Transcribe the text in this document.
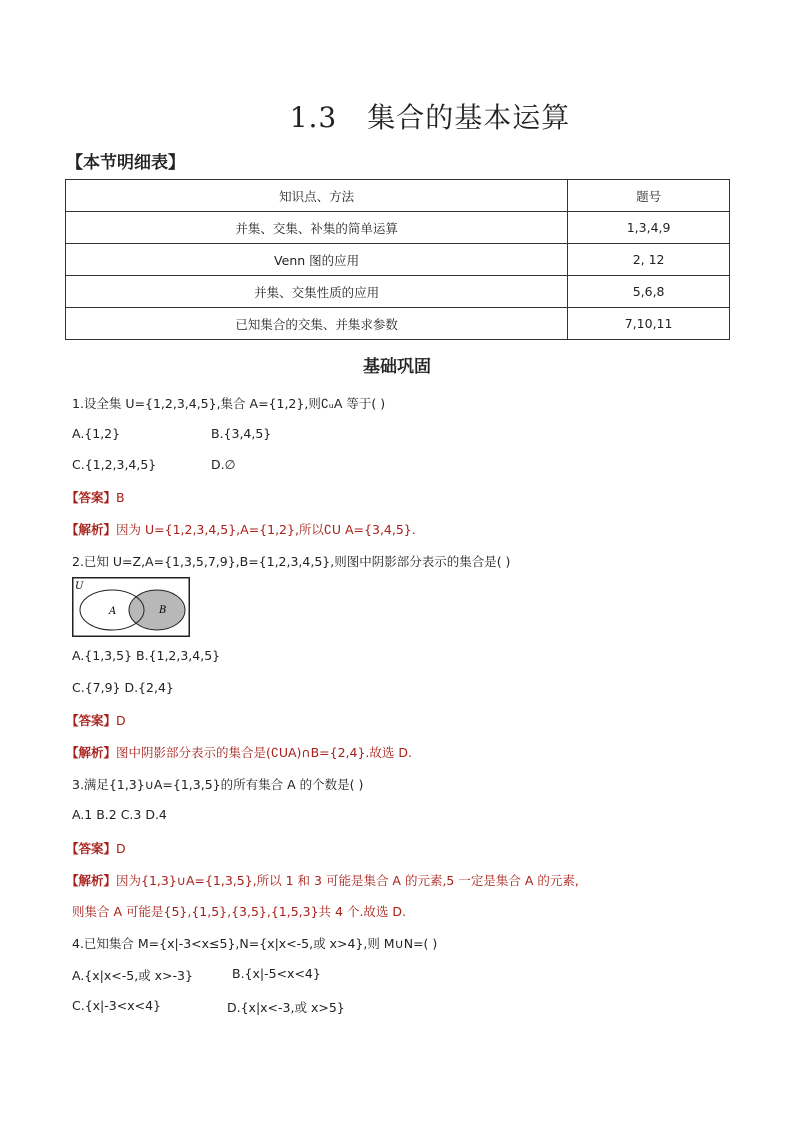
1.3 集合的基本运算
【本节明细表】
知识点、方法	题号
并集、交集、补集的简单运算	1,3,4,9
Venn 图的应用	2, 12
并集、交集性质的应用	5,6,8
已知集合的交集、并集求参数	7,10,11
基础巩固
1.设全集 U={1,2,3,4,5},集合 A={1,2},则∁ᵤA 等于( )
A.{1,2}	B.{3,4,5}
C.{1,2,3,4,5}	D.∅
【答案】B
【解析】因为 U={1,2,3,4,5},A={1,2},所以∁U A={3,4,5}.
2.已知 U=Z,A={1,3,5,7,9},B={1,2,3,4,5},则图中阴影部分表示的集合是( )
U
A	B
A.{1,3,5} B.{1,2,3,4,5}
C.{7,9} D.{2,4}
【答案】D
【解析】图中阴影部分表示的集合是(∁UA)∩B={2,4}.故选 D.
3.满足{1,3}∪A={1,3,5}的所有集合 A 的个数是( )
A.1 B.2 C.3 D.4
【答案】D
【解析】因为{1,3}∪A={1,3,5},所以 1 和 3 可能是集合 A 的元素,5 一定是集合 A 的元素,
则集合 A 可能是{5},{1,5},{3,5},{1,5,3}共 4 个.故选 D.
4.已知集合 M={x|-3<x≤5},N={x|x<-5,或 x>4},则 M∪N=( )
A.{x|x<-5,或 x>-3}	B.{x|-5<x<4}
C.{x|-3<x<4}	D.{x|x<-3,或 x>5}
